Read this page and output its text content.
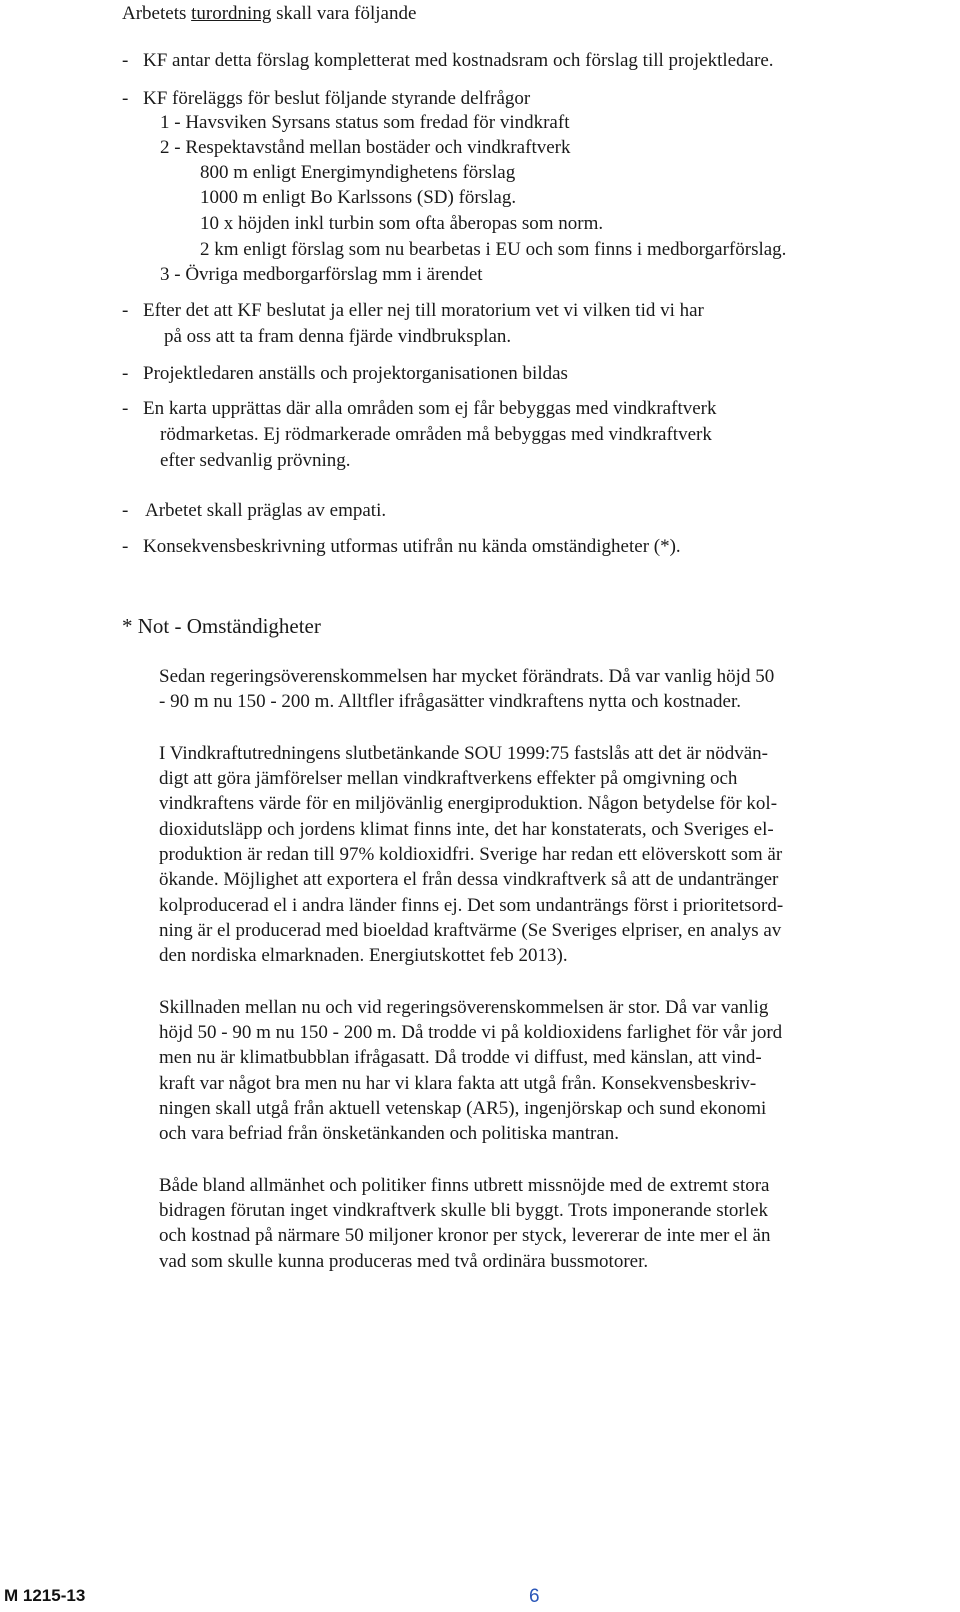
Arbetets turordning skall vara följande
- KF antar detta förslag kompletterat med kostnadsram och förslag till projektledare.
- KF föreläggs för beslut följande styrande delfrågor
1 - Havsviken Syrsans status som fredad för vindkraft
2 - Respektavstånd mellan bostäder och vindkraftverk
800 m enligt Energimyndighetens förslag
1000 m enligt Bo Karlssons (SD) förslag.
10 x höjden inkl turbin som ofta åberopas som norm.
2 km enligt förslag som nu bearbetas i EU och som finns i medborgarförslag.
3 - Övriga medborgarförslag mm i ärendet
- Efter det att KF beslutat ja eller nej till moratorium vet vi vilken tid vi har
på oss att ta fram denna fjärde vindbruksplan.
- Projektledaren anställs och projektorganisationen bildas
- En karta upprättas där alla områden som ej får bebyggas med vindkraftverk
rödmarketas. Ej rödmarkerade områden må bebyggas med vindkraftverk
efter sedvanlig prövning.
- Arbetet skall präglas av empati.
- Konsekvensbeskrivning utformas utifrån nu kända omständigheter (*).
* Not - Omständigheter
Sedan regeringsöverenskommelsen har mycket förändrats. Då var vanlig höjd 50
- 90 m nu 150 - 200 m. Alltfler ifrågasätter vindkraftens nytta och kostnader.
I Vindkraftutredningens slutbetänkande SOU 1999:75 fastslås att det är nödvän-
digt att göra jämförelser mellan vindkraftverkens effekter på omgivning och
vindkraftens värde för en miljövänlig energiproduktion. Någon betydelse för kol-
dioxidutsläpp och jordens klimat finns inte, det har konstaterats, och Sveriges el-
produktion är redan till 97% koldioxidfri. Sverige har redan ett elöverskott som är
ökande. Möjlighet att exportera el från dessa vindkraftverk så att de undantränger
kolproducerad el i andra länder finns ej. Det som undanträngs först i prioritetsord-
ning är el producerad med bioeldad kraftvärme (Se Sveriges elpriser, en analys av
den nordiska elmarknaden. Energiutskottet feb 2013).
Skillnaden mellan nu och vid regeringsöverenskommelsen är stor. Då var vanlig
höjd 50 - 90 m nu 150 - 200 m. Då trodde vi på koldioxidens farlighet för vår jord
men nu är klimatbubblan ifrågasatt. Då trodde vi diffust, med känslan, att vind-
kraft var något bra men nu har vi klara fakta att utgå från. Konsekvensbeskriv-
ningen skall utgå från aktuell vetenskap (AR5), ingenjörskap och sund ekonomi
och vara befriad från önsketänkanden och politiska mantran.
Både bland allmänhet och politiker finns utbrett missnöjde med de extremt stora
bidragen förutan inget vindkraftverk skulle bli byggt. Trots imponerande storlek
och kostnad på närmare 50 miljoner kronor per styck, levererar de inte mer el än
vad som skulle kunna produceras med två ordinära bussmotorer.
M 1215-13	6
